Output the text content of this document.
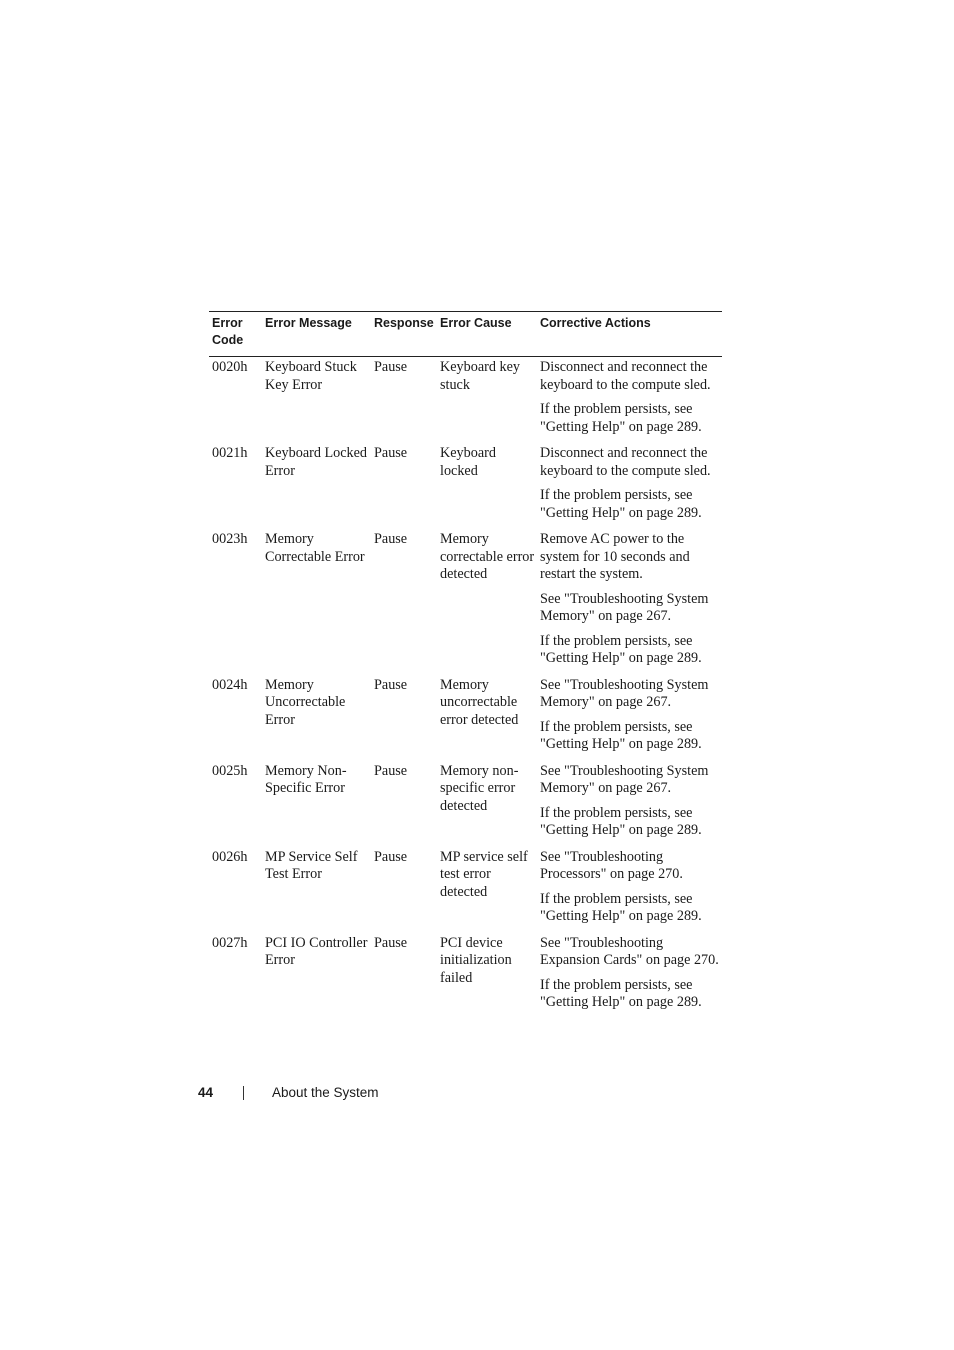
Error Code	Error Message	Response	Error Cause	Corrective Actions
0020h	Keyboard Stuck Key Error	Pause	Keyboard key stuck	Disconnect and reconnect the keyboard to the compute sled.

If the problem persists, see "Getting Help" on page 289.

0021h	Keyboard Locked Error	Pause	Keyboard locked	Disconnect and reconnect the keyboard to the compute sled.

If the problem persists, see "Getting Help" on page 289.

0023h	Memory Correctable Error	Pause	Memory correctable error detected	Remove AC power to the system for 10 seconds and restart the system.

See "Troubleshooting System Memory" on page 267.

If the problem persists, see "Getting Help" on page 289.

0024h	Memory Uncorrectable Error	Pause	Memory uncorrectable error detected	See "Troubleshooting System Memory" on page 267.

If the problem persists, see "Getting Help" on page 289.

0025h	Memory Non-Specific Error	Pause	Memory non-specific error detected	See "Troubleshooting System Memory" on page 267.

If the problem persists, see "Getting Help" on page 289.

0026h	MP Service Self Test Error	Pause	MP service self test error detected	See "Troubleshooting Processors" on page 270.

If the problem persists, see "Getting Help" on page 289.

0027h	PCI IO Controller Error	Pause	PCI device initialization failed	See "Troubleshooting Expansion Cards" on page 270.

If the problem persists, see "Getting Help" on page 289.

44	About the System
